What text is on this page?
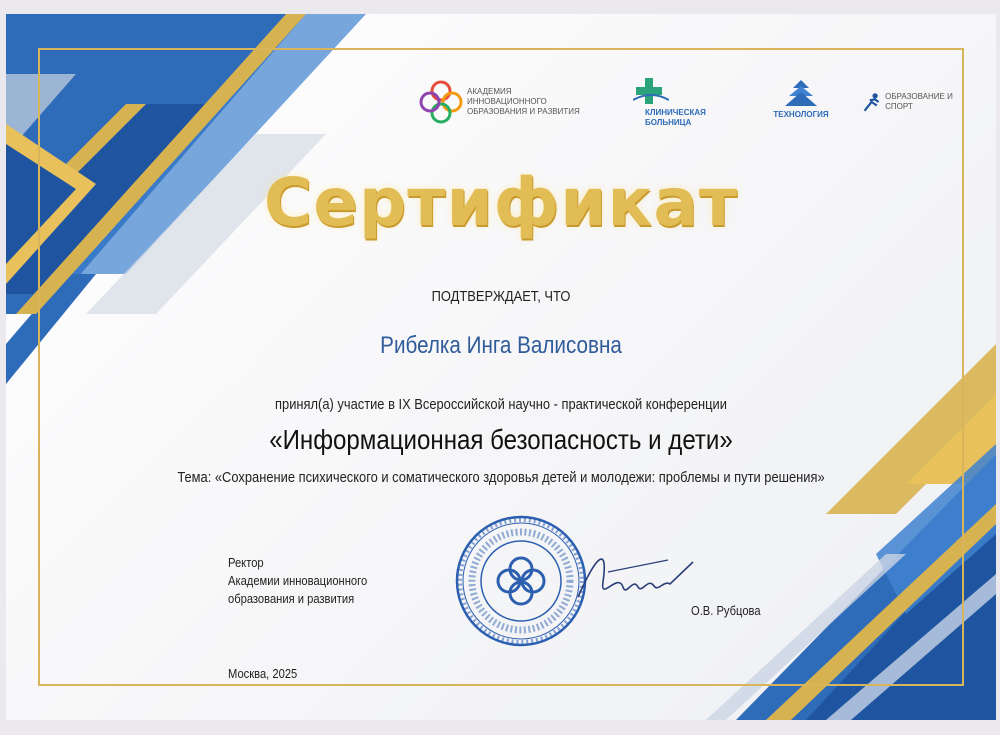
АКАДЕМИЯ ИННОВАЦИОННОГО ОБРАЗОВАНИЯ И РАЗВИТИЯ	КЛИНИЧЕСКАЯ БОЛЬНИЦА
ТЕХНОЛОГИЯ
ОБРАЗОВАНИЕ И СПОРТ
Сертификат
ПОДТВЕРЖДАЕТ, ЧТО
Рибелка Инга Валисовна
принял(а) участие в IX Всероссийской научно - практической конференции
«Информационная безопасность и дети»
Тема: «Сохранение психического и соматического здоровья детей и молодежи: проблемы и пути решения»
Ректор
Академии инновационного
образования и развития
О.В. Рубцова
Москва, 2025
